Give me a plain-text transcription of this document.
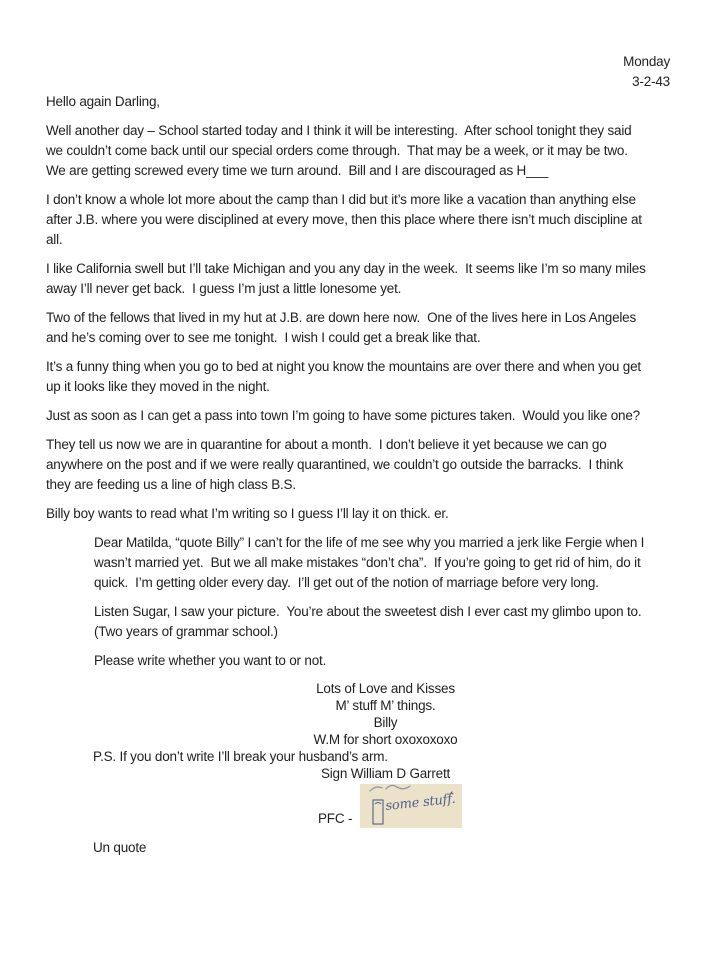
Monday
3-2-43
Hello again Darling,
Well another day – School started today and I think it will be interesting.  After school tonight they said
we couldn’t come back until our special orders come through.  That may be a week, or it may be two.
We are getting screwed every time we turn around.  Bill and I are discouraged as H___
I don’t know a whole lot more about the camp than I did but it’s more like a vacation than anything else
after J.B. where you were disciplined at every move, then this place where there isn’t much discipline at
all.
I like California swell but I’ll take Michigan and you any day in the week.  It seems like I’m so many miles
away I’ll never get back.  I guess I’m just a little lonesome yet.
Two of the fellows that lived in my hut at J.B. are down here now.  One of the lives here in Los Angeles
and he’s coming over to see me tonight.  I wish I could get a break like that.
It’s a funny thing when you go to bed at night you know the mountains are over there and when you get
up it looks like they moved in the night.
Just as soon as I can get a pass into town I’m going to have some pictures taken.  Would you like one?
They tell us now we are in quarantine for about a month.  I don’t believe it yet because we can go
anywhere on the post and if we were really quarantined, we couldn’t go outside the barracks.  I think
they are feeding us a line of high class B.S.
Billy boy wants to read what I’m writing so I guess I’ll lay it on thick. er.
Dear Matilda, “quote Billy” I can’t for the life of me see why you married a jerk like Fergie when I
wasn’t married yet.  But we all make mistakes “don’t cha”.  If you’re going to get rid of him, do it
quick.  I’m getting older every day.  I’ll get out of the notion of marriage before very long.
Listen Sugar, I saw your picture.  You’re about the sweetest dish I ever cast my glimbo upon to.
(Two years of grammar school.)
Please write whether you want to or not.
Lots of Love and Kisses
M’ stuff M’ things.
Billy
W.M for short oxoxoxoxo
P.S. If you don’t write I’ll break your husband’s arm.
Sign William D Garrett
PFC -
some stuff.
Un quote
